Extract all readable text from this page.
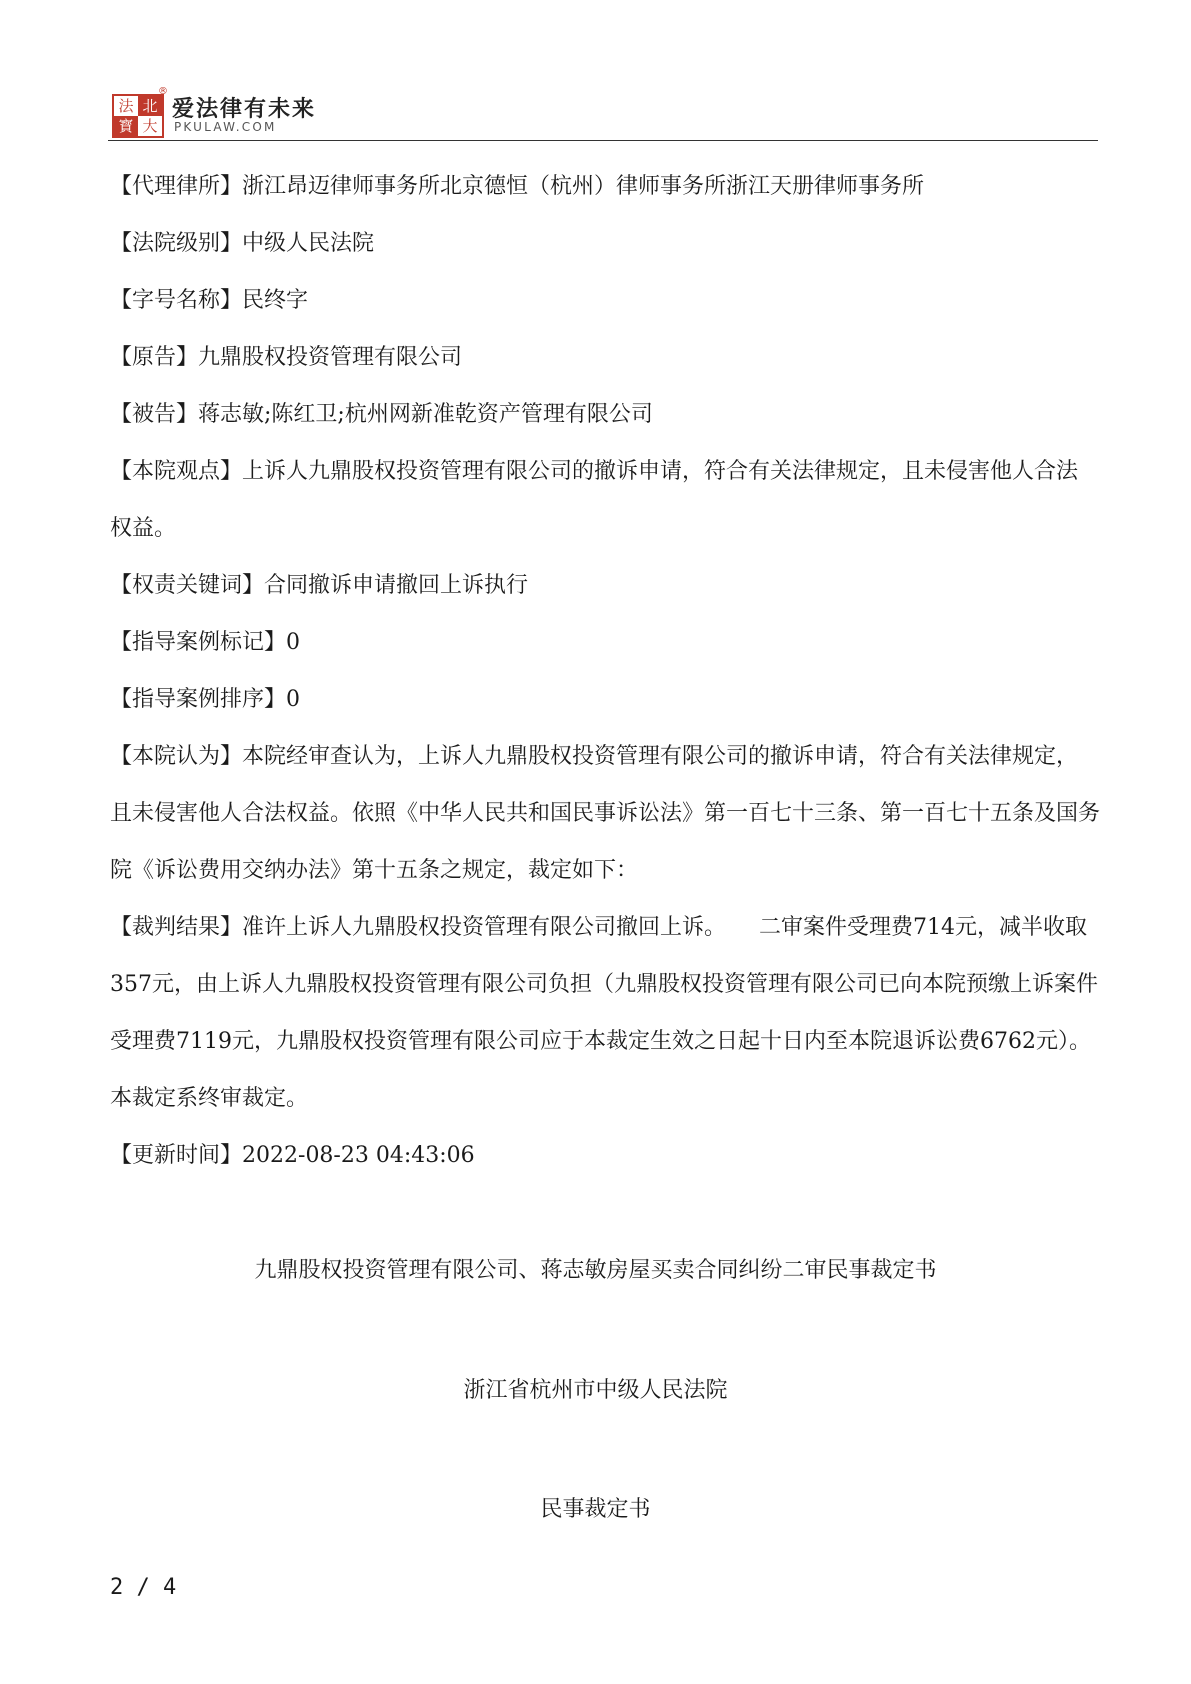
法 北
寳 大
®
爱法律有未来
PKULAW.COM

【代理律所】浙江昂迈律师事务所北京德恒（杭州）律师事务所浙江天册律师事务所

【法院级别】中级人民法院

【字号名称】民终字

【原告】九鼎股权投资管理有限公司

【被告】蒋志敏;陈红卫;杭州网新准乾资产管理有限公司

【本院观点】上诉人九鼎股权投资管理有限公司的撤诉申请，符合有关法律规定，且未侵害他人合法权益。

【权责关键词】合同撤诉申请撤回上诉执行

【指导案例标记】0

【指导案例排序】0

【本院认为】本院经审查认为，上诉人九鼎股权投资管理有限公司的撤诉申请，符合有关法律规定，且未侵害他人合法权益。依照《中华人民共和国民事诉讼法》第一百七十三条、第一百七十五条及国务院《诉讼费用交纳办法》第十五条之规定，裁定如下：

【裁判结果】准许上诉人九鼎股权投资管理有限公司撤回上诉。　　二审案件受理费714元，减半收取357元，由上诉人九鼎股权投资管理有限公司负担（九鼎股权投资管理有限公司已向本院预缴上诉案件受理费7119元，九鼎股权投资管理有限公司应于本裁定生效之日起十日内至本院退诉讼费6762元）。　　本裁定系终审裁定。

【更新时间】2022-08-23 04:43:06

九鼎股权投资管理有限公司、蒋志敏房屋买卖合同纠纷二审民事裁定书
浙江省杭州市中级人民法院
民事裁定书
2 / 4
